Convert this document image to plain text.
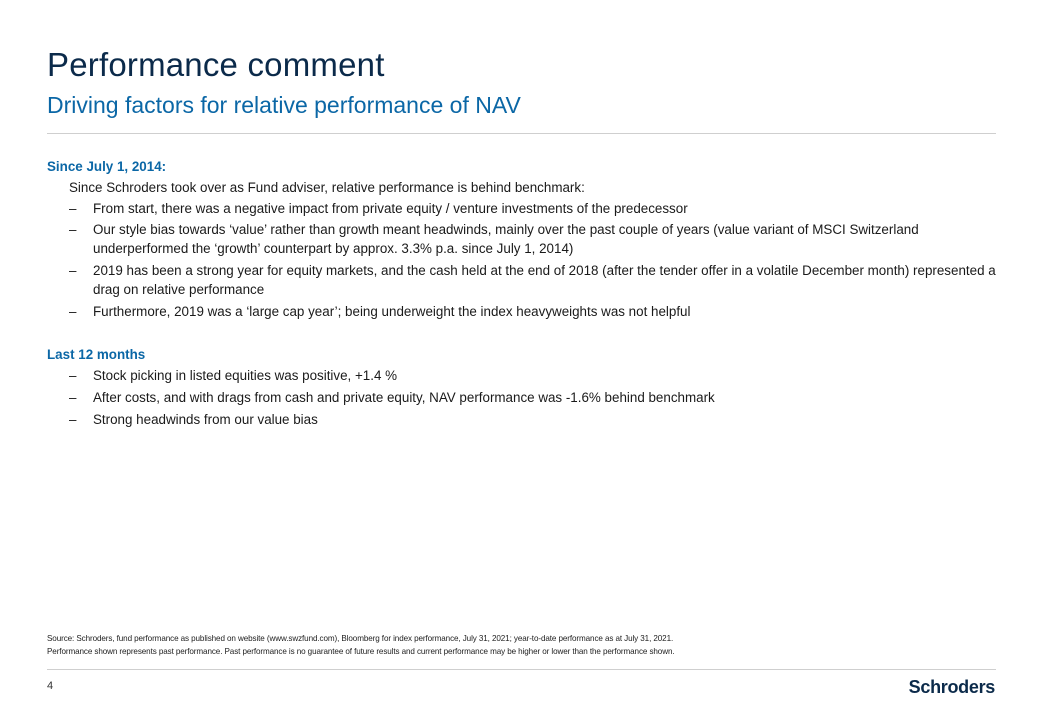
Performance comment
Driving factors for relative performance of NAV
Since July 1, 2014:
Since Schroders took over as Fund adviser, relative performance is behind benchmark:
–	From start, there was a negative impact from private equity / venture investments of the predecessor
–	Our style bias towards ‘value’ rather than growth meant headwinds, mainly over the past couple of years (value variant of MSCI Switzerland underperformed the ‘growth’ counterpart by approx. 3.3% p.a. since July 1, 2014)
–	2019 has been a strong year for equity markets, and the cash held at the end of 2018 (after the tender offer in a volatile December month) represented a drag on relative performance
–	Furthermore, 2019 was a ‘large cap year’; being underweight the index heavyweights was not helpful
Last 12 months
–	Stock picking in listed equities was positive, +1.4 %
–	After costs, and with drags from cash and private equity, NAV performance was -1.6% behind benchmark
–	Strong headwinds from our value bias
Source: Schroders, fund performance as published on website (www.swzfund.com), Bloomberg for index performance, July 31, 2021; year-to-date performance as at July 31, 2021.
Performance shown represents past performance. Past performance is no guarantee of future results and current performance may be higher or lower than the performance shown.
4	Schroders
